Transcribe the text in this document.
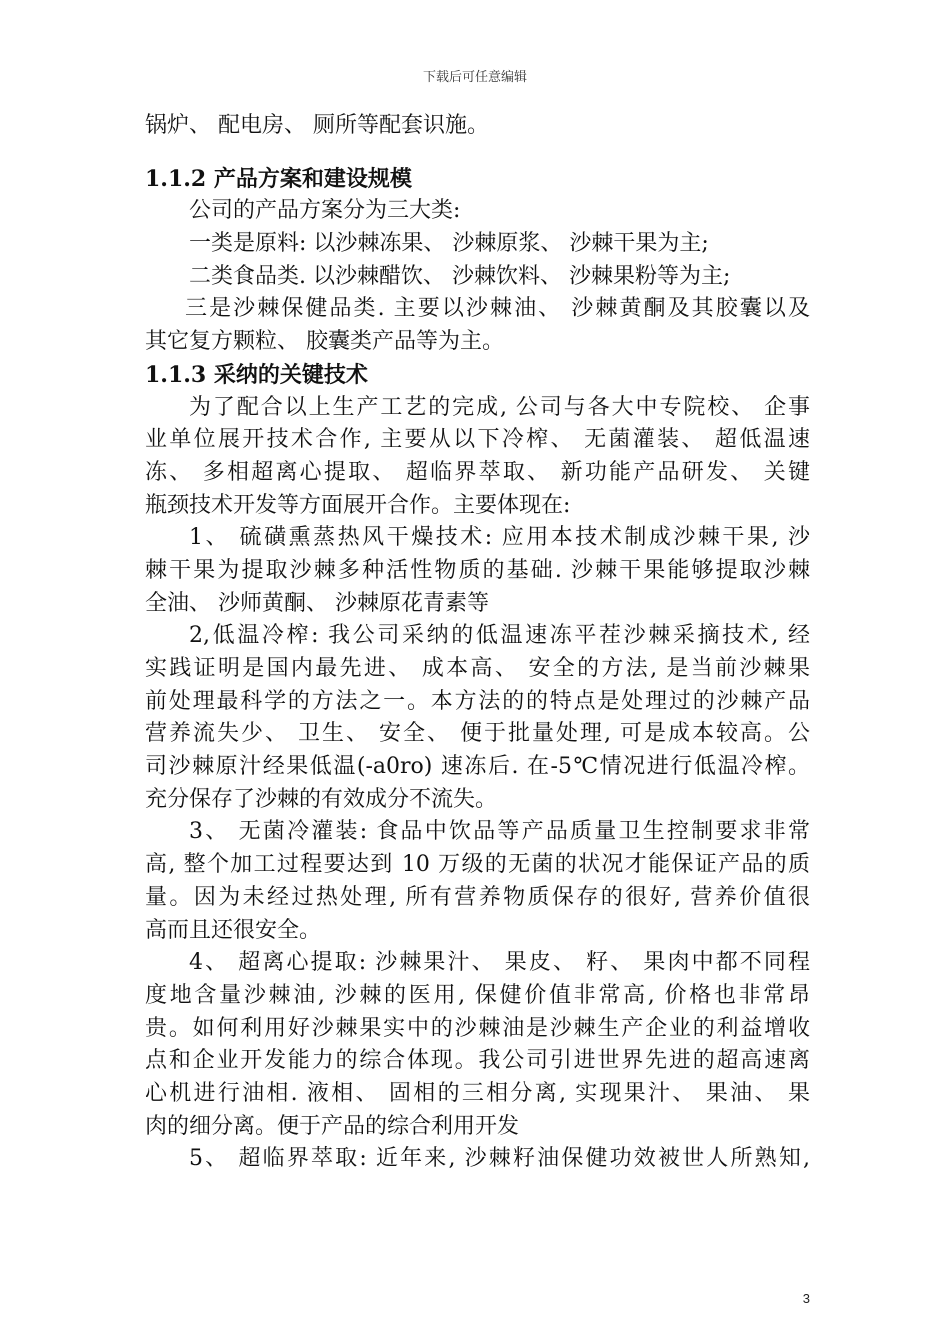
下载后可任意编辑
锅炉、 配电房、 厕所等配套识施。
1.1.2 产品方案和建设规模
公司的产品方案分为三大类:
一类是原料: 以沙棘冻果、 沙棘原浆、 沙棘干果为主;
二类食品类. 以沙棘醋饮、 沙棘饮料、 沙棘果粉等为主;
三是沙棘保健品类. 主要以沙棘油、 沙棘黄酮及其胶囊以及
其它复方颗粒、 胶囊类产品等为主。
1.1.3 采纳的关键技术
为了配合以上生产工艺的完成, 公司与各大中专院校、 企事
业单位展开技术合作, 主要从以下冷榨、 无菌灌装、 超低温速
冻、 多相超离心提取、 超临界萃取、 新功能产品研发、 关键
瓶颈技术开发等方面展开合作。主要体现在:
1、 硫磺熏蒸热风干燥技术: 应用本技术制成沙棘干果, 沙
棘干果为提取沙棘多种活性物质的基础. 沙棘干果能够提取沙棘
全油、 沙师黄酮、 沙棘原花青素等
2,低温冷榨: 我公司采纳的低温速冻平茬沙棘采摘技术, 经
实践证明是国内最先进、 成本高、 安全的方法, 是当前沙棘果
前处理最科学的方法之一。本方法的的特点是处理过的沙棘产品
营养流失少、 卫生、 安全、 便于批量处理, 可是成本较高。公
司沙棘原汁经果低温(-a0ro) 速冻后. 在-5℃情况进行低温冷榨。
充分保存了沙棘的有效成分不流失。
3、 无菌冷灌装: 食品中饮品等产品质量卫生控制要求非常
高, 整个加工过程要达到 10 万级的无菌的状况才能保证产品的质
量。因为未经过热处理, 所有营养物质保存的很好, 营养价值很
高而且还很安全。
4、 超离心提取: 沙棘果汁、 果皮、 籽、 果肉中都不同程
度地含量沙棘油, 沙棘的医用, 保健价值非常高, 价格也非常昂
贵。如何利用好沙棘果实中的沙棘油是沙棘生产企业的利益增收
点和企业开发能力的综合体现。我公司引进世界先进的超高速离
心机进行油相. 液相、 固相的三相分离, 实现果汁、 果油、 果
肉的细分离。便于产品的综合利用开发
5、 超临界萃取: 近年来, 沙棘籽油保健功效被世人所熟知,
3
